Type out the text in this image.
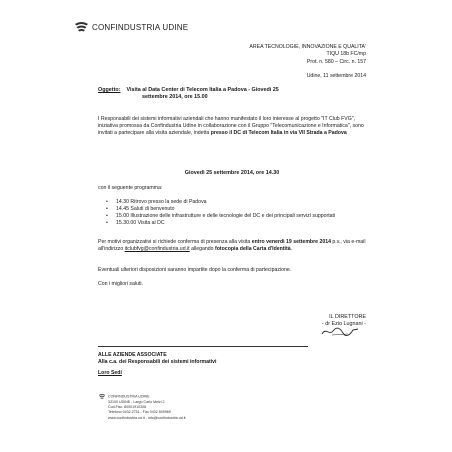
CONFINDUSTRIA UDINE
AREA TECNOLOGIE, INNOVAZIONE E QUALITA'
TIQU 18b FC/mp
Prot. n. 580 – Circ. n. 157
Udine, 11 settembre 2014
Oggetto: Visita al Data Center di Telecom Italia a Padova - Giovedì 25
settembre 2014, ore 15.00
I Responsabili dei sistemi informativi aziendali che hanno manifestato il loro interesse al progetto "IT Club FVG", iniziativa promossa da Confindustria Udine in collaborazione con il Gruppo "Telecomunicazione e Informatica", sono invitati a partecipare alla visita aziendale, indetta presso il DC di Telecom Italia in via VII Strada a Padova
Giovedì 25 settembre 2014, ore 14.30
con il seguente programma:
• 14.30 Ritrovo presso la sede di Padova
• 14.45 Saluti di benvenuto
• 15.00 Illustrazione delle infrastrutture e delle tecnologie del DC e dei principali servizi supportati
• 15.30.00 Visita al DC
Per motivi organizzativi si richiede conferma di presenza alla visita entro venerdì 19 settembre 2014 p.v., via e-mail all'indirizzo itclubfvg@confindustria.ud.it allegando fotocopia della Carta d'Identità.
Eventuali ulteriori disposizioni saranno impartite dopo la conferma di partecipazione.
Con i migliori saluti.
IL DIRETTORE
- dr Ezio Lugnani -
ALLE AZIENDE ASSOCIATE
Alla c.a. dei Responsabili dei sistemi informativi
Loro Sedi
CONFINDUSTRIA UDINE
33100 UDINE - Largo Carlo Melzi 2
Cod.Fisc. 80001910308
Telefono 0432.2751 - Fax 0432.509969
www.confindustria.ud.it - info@confindustria.ud.it
